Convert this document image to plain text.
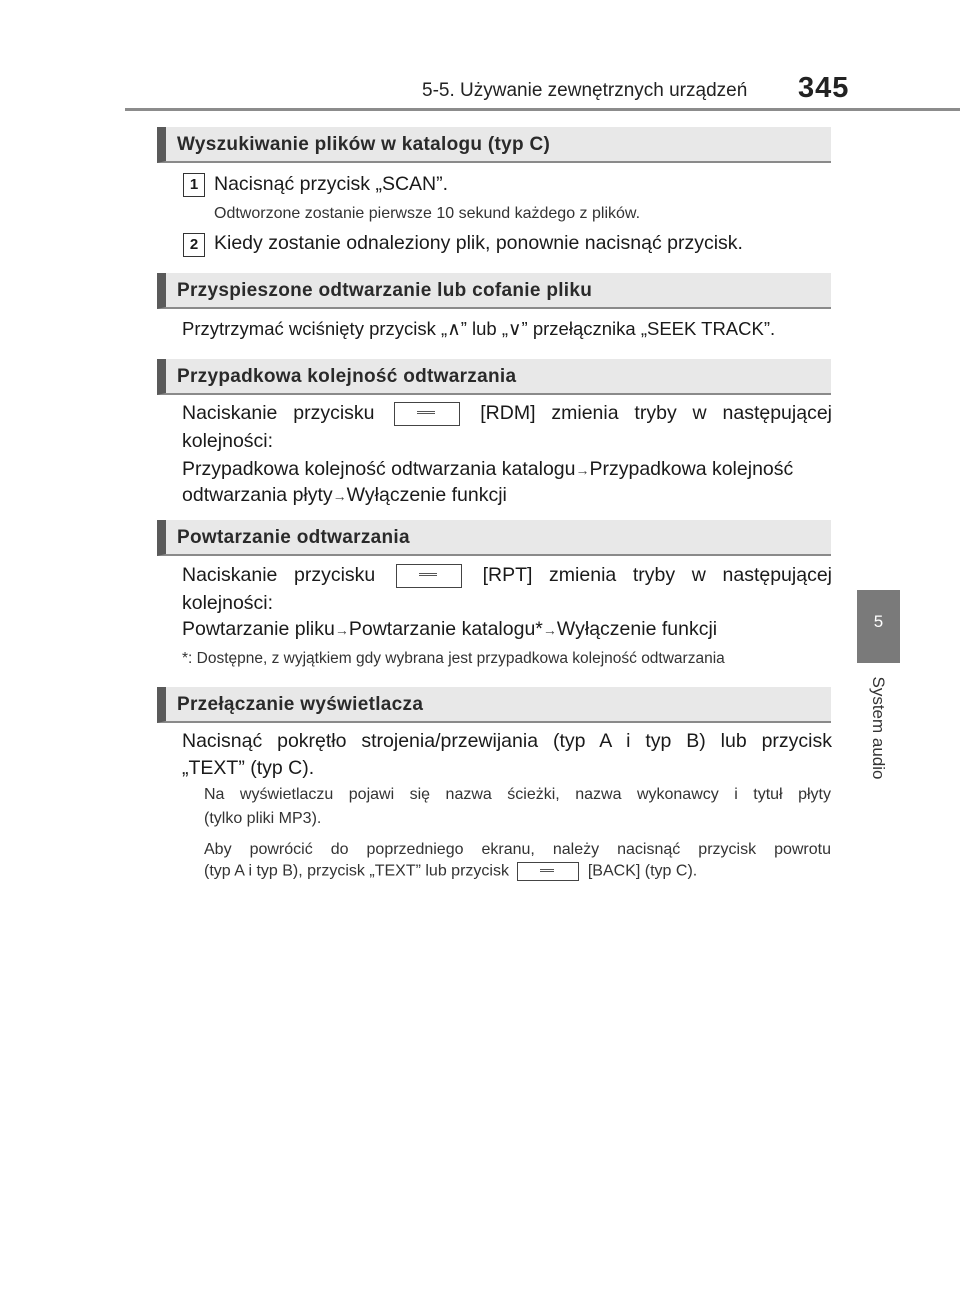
5-5. Używanie zewnętrznych urządzeń 345
5
System audio
Wyszukiwanie plików w katalogu (typ C)
1 Nacisnąć przycisk „SCAN”.
Odtworzone zostanie pierwsze 10 sekund każdego z plików.
2 Kiedy zostanie odnaleziony plik, ponownie nacisnąć przycisk.
Przyspieszone odtwarzanie lub cofanie pliku
Przytrzymać wciśnięty przycisk „∧” lub „∨” przełącznika „SEEK TRACK”.
Przypadkowa kolejność odtwarzania
Naciskanie przycisku	[RDM] zmienia tryby w następującej
kolejności:
Przypadkowa kolejność odtwarzania katalogu→Przypadkowa kolejność
odtwarzania płyty→Wyłączenie funkcji
Powtarzanie odtwarzania
Naciskanie przycisku	[RPT] zmienia tryby w następującej
kolejności:
Powtarzanie pliku→Powtarzanie katalogu*→Wyłączenie funkcji
*: Dostępne, z wyjątkiem gdy wybrana jest przypadkowa kolejność odtwarzania
Przełączanie wyświetlacza
Nacisnąć pokrętło strojenia/przewijania (typ A i typ B) lub przycisk
„TEXT” (typ C).
Na wyświetlaczu pojawi się nazwa ścieżki, nazwa wykonawcy i tytuł płyty
(tylko pliki MP3).
Aby powrócić do poprzedniego ekranu, należy nacisnąć przycisk powrotu
(typ A i typ B), przycisk „TEXT” lub przycisk	[BACK] (typ C).
